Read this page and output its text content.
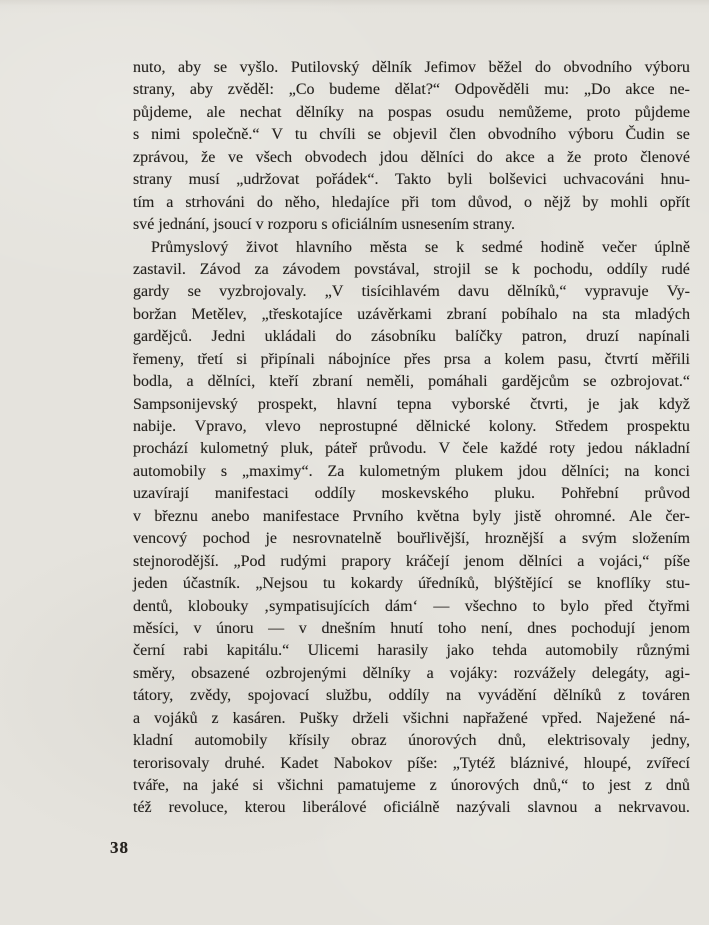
nuto, aby se vyšlo. Putilovský dělník Jefimov běžel do obvodního výboru
strany, aby zvěděl: „Co budeme dělat?“ Odpověděli mu: „Do akce ne-
půjdeme, ale nechat dělníky na pospas osudu nemůžeme, proto půjdeme
s nimi společně.“ V tu chvíli se objevil člen obvodního výboru Čudin se
zprávou, že ve všech obvodech jdou dělníci do akce a že proto členové
strany musí „udržovat pořádek“. Takto byli bolševici uchvacováni hnu-
tím a strhováni do něho, hledajíce při tom důvod, o nějž by mohli opřít
své jednání, jsoucí v rozporu s oficiálním usnesením strany.
Průmyslový život hlavního města se k sedmé hodině večer úplně
zastavil. Závod za závodem povstával, strojil se k pochodu, oddíly rudé
gardy se vyzbrojovaly. „V tisícihlavém davu dělníků,“ vypravuje Vy-
boržan Metělev, „třeskotajíce uzávěrkami zbraní pobíhalo na sta mladých
gardějců. Jedni ukládali do zásobníku balíčky patron, druzí napínali
řemeny, třetí si připínali nábojníce přes prsa a kolem pasu, čtvrtí měřili
bodla, a dělníci, kteří zbraní neměli, pomáhali gardějcům se ozbrojovat.“
Sampsonijevský prospekt, hlavní tepna vyborské čtvrti, je jak když
nabije. Vpravo, vlevo neprostupné dělnické kolony. Středem prospektu
prochází kulometný pluk, páteř průvodu. V čele každé roty jedou nákladní
automobily s „maximy“. Za kulometným plukem jdou dělníci; na konci
uzavírají manifestaci oddíly moskevského pluku. Pohřební průvod
v březnu anebo manifestace Prvního května byly jistě ohromné. Ale čer-
vencový pochod je nesrovnatelně bouřlivější, hroznější a svým složením
stejnorodější. „Pod rudými prapory kráčejí jenom dělníci a vojáci,“ píše
jeden účastník. „Nejsou tu kokardy úředníků, blýštějící se knoflíky stu-
dentů, klobouky ‚sympatisujících dám‘ — všechno to bylo před čtyřmi
měsíci, v únoru — v dnešním hnutí toho není, dnes pochodují jenom
černí rabi kapitálu.“ Ulicemi harasily jako tehda automobily různými
směry, obsazené ozbrojenými dělníky a vojáky: rozvážely delegáty, agi-
tátory, zvědy, spojovací službu, oddíly na vyvádění dělníků z továren
a vojáků z kasáren. Pušky drželi všichni napřažené vpřed. Naježené ná-
kladní automobily křísily obraz únorových dnů, elektrisovaly jedny,
terorisovaly druhé. Kadet Nabokov píše: „Tytéž bláznivé, hloupé, zvířecí
tváře, na jaké si všichni pamatujeme z únorových dnů,“ to jest z dnů
též revoluce, kterou liberálové oficiálně nazývali slavnou a nekrvavou.
38
